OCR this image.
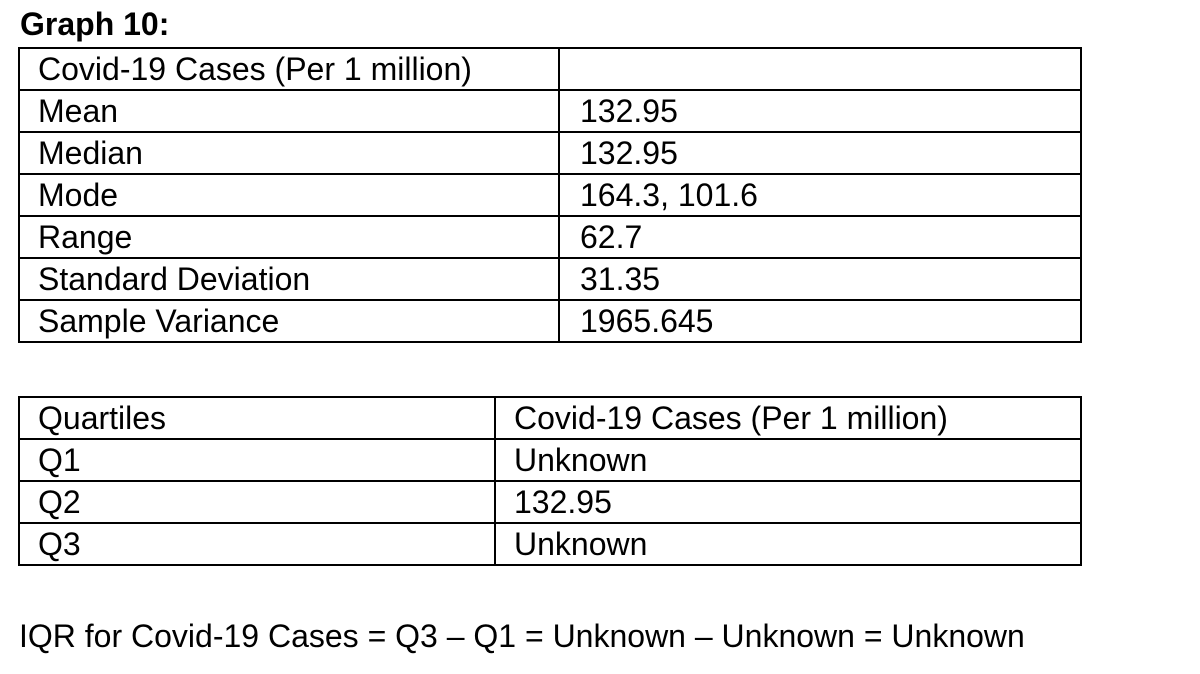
Graph 10:
Covid-19 Cases (Per 1 million)	
Mean	132.95
Median	132.95
Mode	164.3, 101.6
Range	62.7
Standard Deviation	31.35
Sample Variance	1965.645
Quartiles	Covid-19 Cases (Per 1 million)
Q1	Unknown
Q2	132.95
Q3	Unknown
IQR for Covid-19 Cases = Q3 – Q1 = Unknown – Unknown = Unknown
